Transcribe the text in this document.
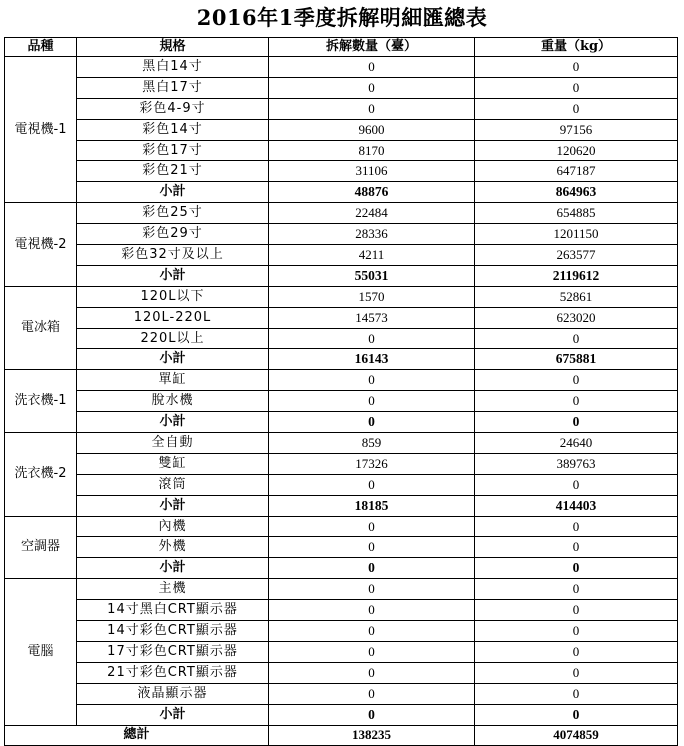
2016年1季度拆解明細匯總表
品種	規格	拆解數量（臺）	重量（kg）
電視機-1	黑白14寸	0	0
	黑白17寸	0	0
	彩色4-9寸	0	0
	彩色14寸	9600	97156
	彩色17寸	8170	120620
	彩色21寸	31106	647187
	小計	48876	864963
電視機-2	彩色25寸	22484	654885
	彩色29寸	28336	1201150
	彩色32寸及以上	4211	263577
	小計	55031	2119612
電冰箱	120L以下	1570	52861
	120L-220L	14573	623020
	220L以上	0	0
	小計	16143	675881
洗衣機-1	單缸	0	0
	脫水機	0	0
	小計	0	0
洗衣機-2	全自動	859	24640
	雙缸	17326	389763
	滾筒	0	0
	小計	18185	414403
空調器	內機	0	0
	外機	0	0
	小計	0	0
電腦	主機	0	0
	14寸黑白CRT顯示器	0	0
	14寸彩色CRT顯示器	0	0
	17寸彩色CRT顯示器	0	0
	21寸彩色CRT顯示器	0	0
	液晶顯示器	0	0
	小計	0	0
總計		138235	4074859
